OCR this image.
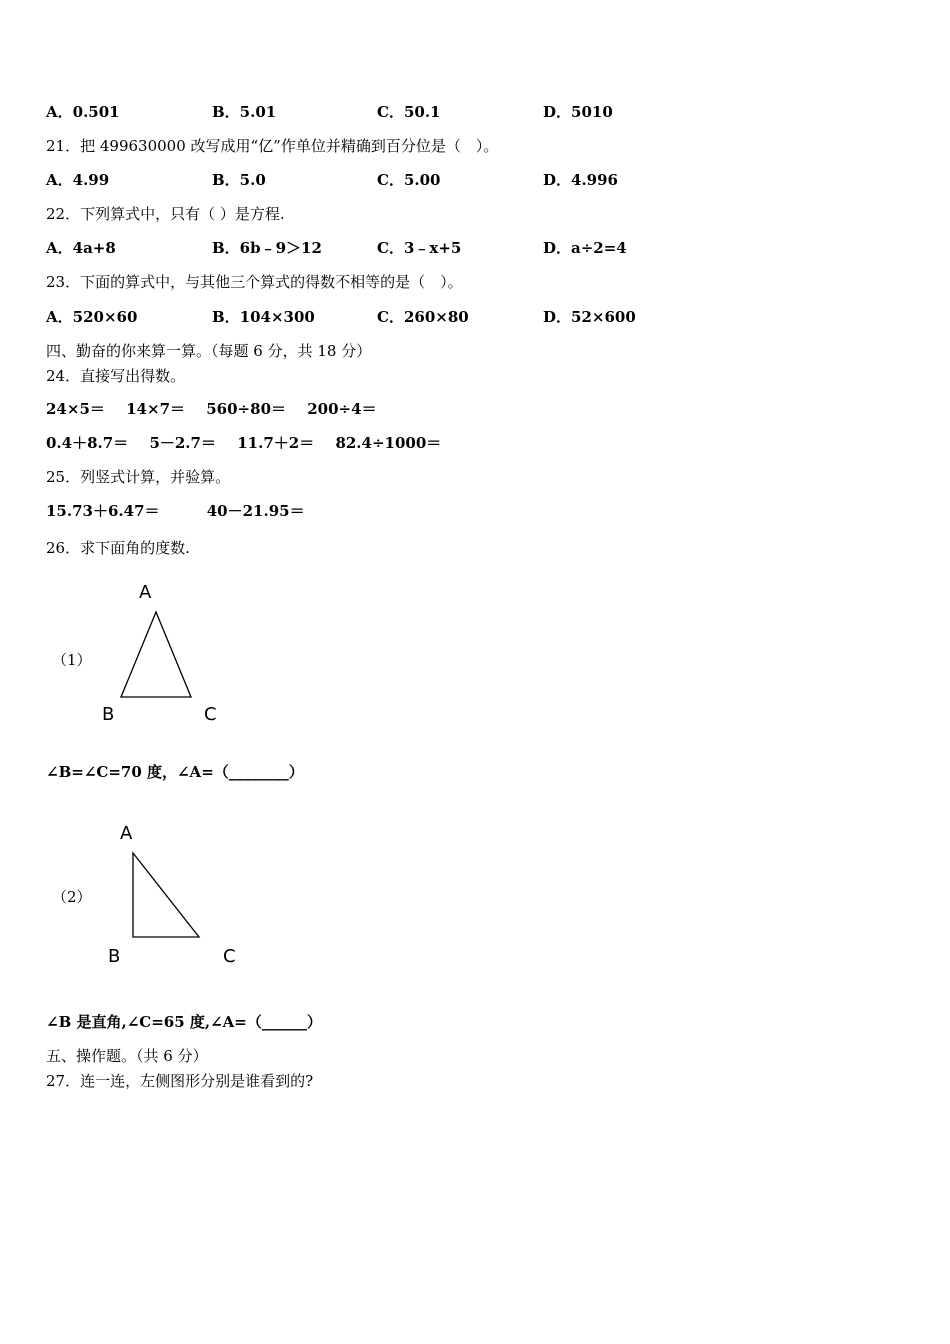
A．0.501	B．5.01	C．50.1	D．5010
21．把 499630000 改写成用“亿”作单位并精确到百分位是（　）。
A．4.99	B．5.0	C．5.00	D．4.996
22．下列算式中，只有（ ）是方程.
A．4a+8	B．6b﹣9＞12	C．3﹣x+5	D．a÷2=4
23．下面的算式中，与其他三个算式的得数不相等的是（　）。
A．520×60	B．104×300	C．260×80	D．52×600
四、勤奋的你来算一算。（每题 6 分，共 18 分）
24．直接写出得数。
24×5＝ 14×7＝ 560÷80＝ 200÷4＝
0.4＋8.7＝ 5－2.7＝ 11.7＋2＝ 82.4÷1000＝
25．列竖式计算，并验算。
15.73＋6.47＝	40－21.95＝
26．求下面角的度数.
（1）
A
B	C
∠B=∠C=70 度，∠A=（________）
（2）
A
B	C
∠B 是直角,∠C=65 度,∠A=（______）
五、操作题。（共 6 分）
27．连一连，左侧图形分别是谁看到的?
